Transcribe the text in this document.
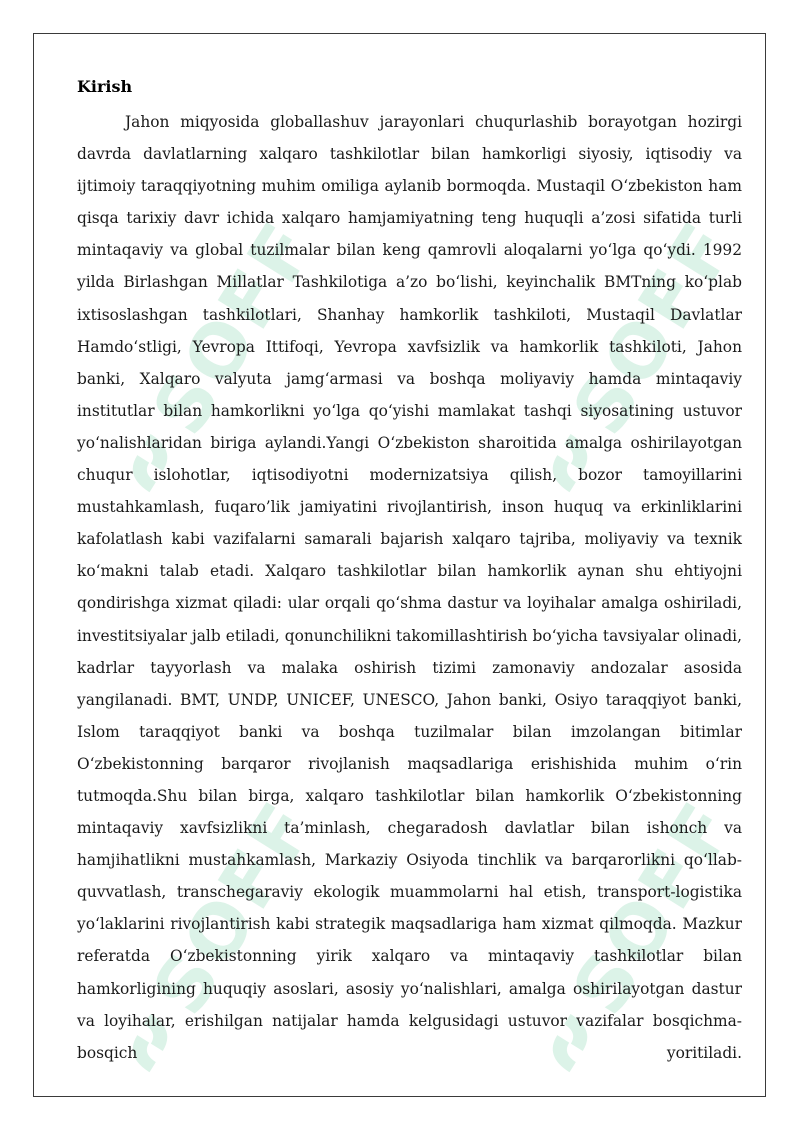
SOFF	SOFF
SOFF	SOFF
Kirish

Jahon miqyosida globallashuv jarayonlari chuqurlashib borayotgan hozirgi davrda davlatlarning xalqaro tashkilotlar bilan hamkorligi siyosiy, iqtisodiy va ijtimoiy taraqqiyotning muhim omiliga aylanib bormoqda. Mustaqil O‘zbekiston ham qisqa tarixiy davr ichida xalqaro hamjamiyatning teng huquqli a’zosi sifatida turli mintaqaviy va global tuzilmalar bilan keng qamrovli aloqalarni yo‘lga qo‘ydi. 1992 yilda Birlashgan Millatlar Tashkilotiga a’zo bo‘lishi, keyinchalik BMTning ko‘plab ixtisoslashgan tashkilotlari, Shanhay hamkorlik tashkiloti, Mustaqil Davlatlar Hamdo‘stligi, Yevropa Ittifoqi, Yevropa xavfsizlik va hamkorlik tashkiloti, Jahon banki, Xalqaro valyuta jamg‘armasi va boshqa moliyaviy hamda mintaqaviy institutlar bilan hamkorlikni yo‘lga qo‘yishi mamlakat tashqi siyosatining ustuvor yo‘nalishlaridan biriga aylandi.Yangi O‘zbekiston sharoitida amalga oshirilayotgan chuqur islohotlar, iqtisodiyotni modernizatsiya qilish, bozor tamoyillarini mustahkamlash, fuqaro’lik jamiyatini rivojlantirish, inson huquq va erkinliklarini kafolatlash kabi vazifalarni samarali bajarish xalqaro tajriba, moliyaviy va texnik ko‘makni talab etadi. Xalqaro tashkilotlar bilan hamkorlik aynan shu ehtiyojni qondirishga xizmat qiladi: ular orqali qo‘shma dastur va loyihalar amalga oshiriladi, investitsiyalar jalb etiladi, qonunchilikni takomillashtirish bo‘yicha tavsiyalar olinadi, kadrlar tayyorlash va malaka oshirish tizimi zamonaviy andozalar asosida yangilanadi. BMT, UNDP, UNICEF, UNESCO, Jahon banki, Osiyo taraqqiyot banki, Islom taraqqiyot banki va boshqa tuzilmalar bilan imzolangan bitimlar O‘zbekistonning barqaror rivojlanish maqsadlariga erishishida muhim o‘rin tutmoqda.Shu bilan birga, xalqaro tashkilotlar bilan hamkorlik O‘zbekistonning mintaqaviy xavfsizlikni ta’minlash, chegaradosh davlatlar bilan ishonch va hamjihatlikni mustahkamlash, Markaziy Osiyoda tinchlik va barqarorlikni qo‘llab-quvvatlash, transchegaraviy ekologik muammolarni hal etish, transport-logistika yo‘laklarini rivojlantirish kabi strategik maqsadlariga ham xizmat qilmoqda. Mazkur referatda O‘zbekistonning yirik xalqaro va mintaqaviy tashkilotlar bilan hamkorligining huquqiy asoslari, asosiy yo‘nalishlari, amalga oshirilayotgan dastur va loyihalar, erishilgan natijalar hamda kelgusidagi ustuvor vazifalar bosqichma-bosqich yoritiladi.
